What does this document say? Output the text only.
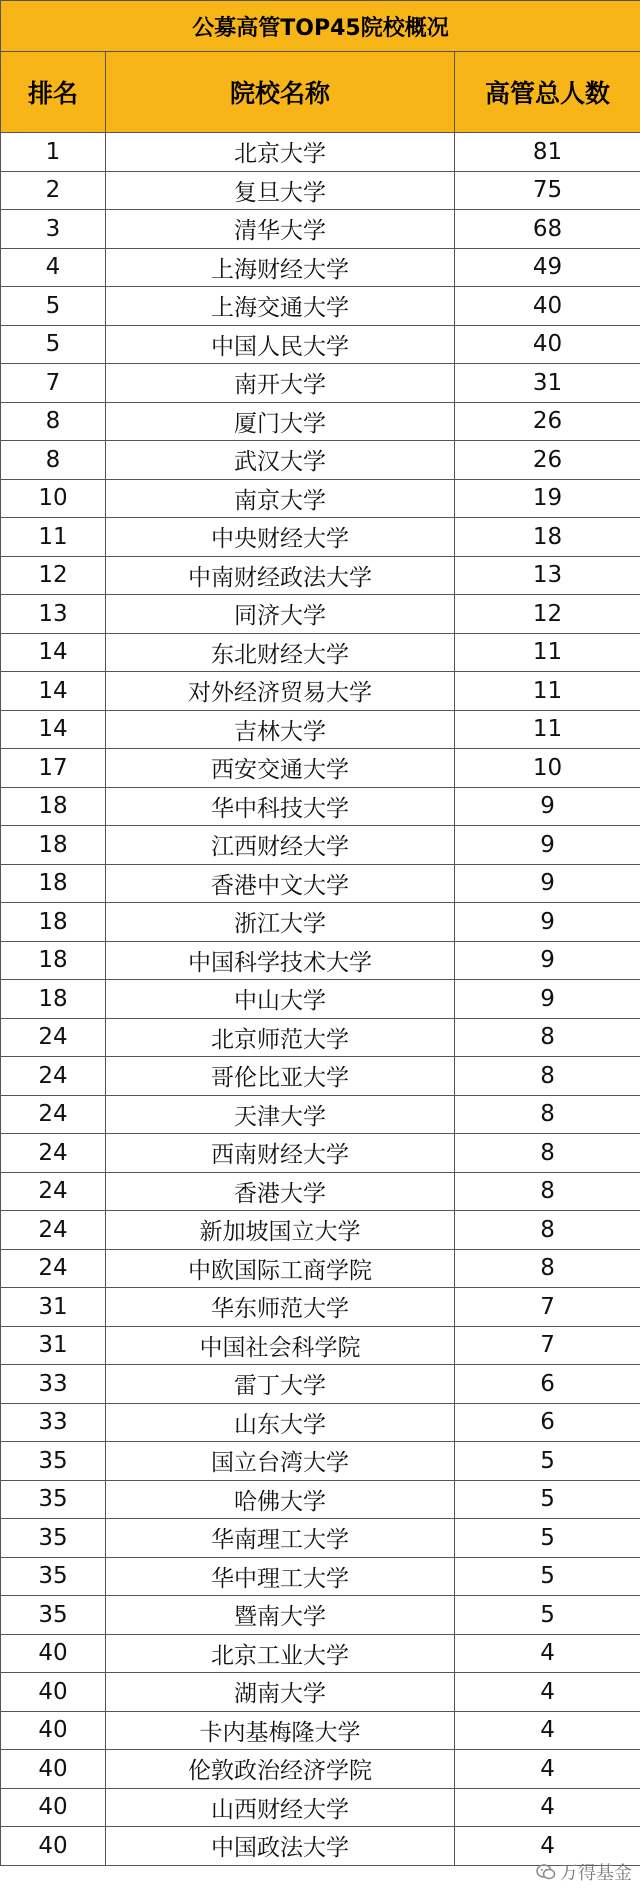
公募高管TOP45院校概况		
排名	院校名称	高管总人数
1	北京大学	81
2	复旦大学	75
3	清华大学	68
4	上海财经大学	49
5	上海交通大学	40
5	中国人民大学	40
7	南开大学	31
8	厦门大学	26
8	武汉大学	26
10	南京大学	19
11	中央财经大学	18
12	中南财经政法大学	13
13	同济大学	12
14	东北财经大学	11
14	对外经济贸易大学	11
14	吉林大学	11
17	西安交通大学	10
18	华中科技大学	9
18	江西财经大学	9
18	香港中文大学	9
18	浙江大学	9
18	中国科学技术大学	9
18	中山大学	9
24	北京师范大学	8
24	哥伦比亚大学	8
24	天津大学	8
24	西南财经大学	8
24	香港大学	8
24	新加坡国立大学	8
24	中欧国际工商学院	8
31	华东师范大学	7
31	中国社会科学院	7
33	雷丁大学	6
33	山东大学	6
35	国立台湾大学	5
35	哈佛大学	5
35	华南理工大学	5
35	华中理工大学	5
35	暨南大学	5
40	北京工业大学	4
40	湖南大学	4
40	卡内基梅隆大学	4
40	伦敦政治经济学院	4
40	山西财经大学	4
40	中国政法大学	4
万得基金
